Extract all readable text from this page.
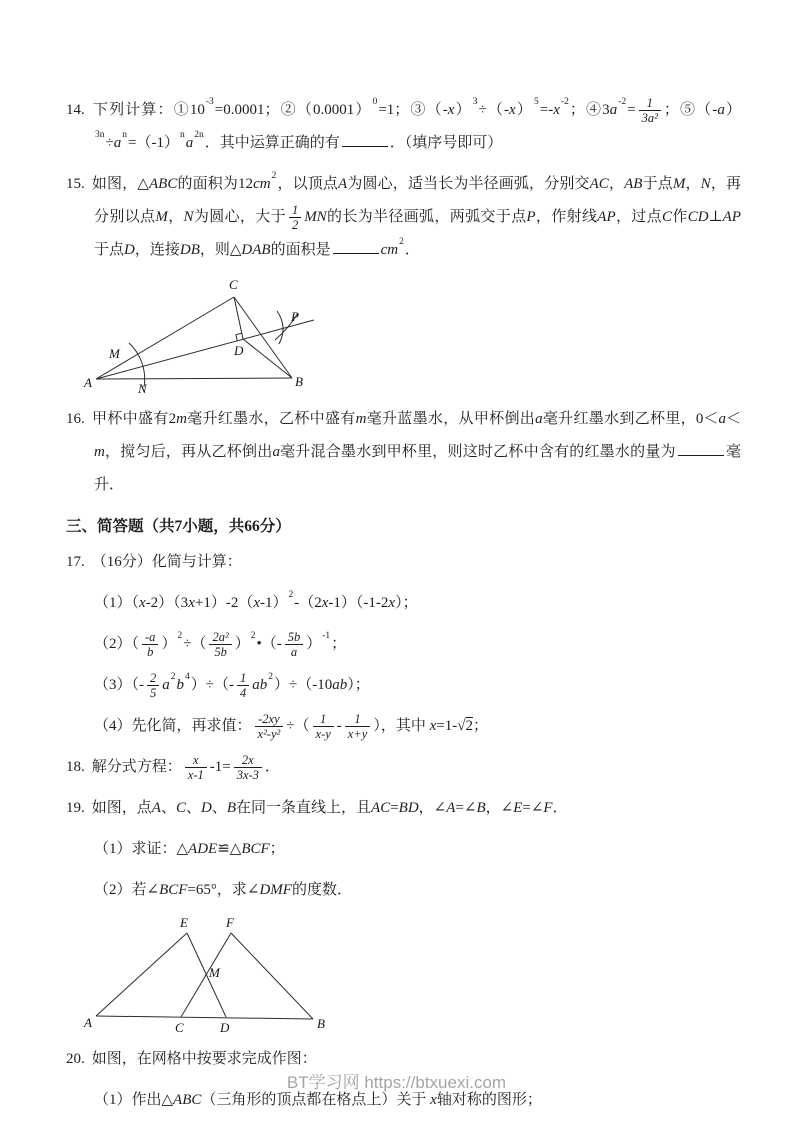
14. 下列计算：$①10^{-3}=0.0001$；$②(0.0001)^0=1$；$③(-x)^3\div(-x)^5=-x^{-2}$；$④3a^{-2}= \frac{1}{\text{3a²}}$ ；$⑤(-a)^{3n}\div a^n=(-1)^na^{2n}$．其中运算正确的有	．（填序号即可）
15. 如图，△ABC的面积为$12cm^2$，以顶点A为圆心，适当长为半径画弧，分别交AC，AB于点M，N，再分别以点M，N为圆心，大于 $\frac{1}{2}$ MN的长为半径画弧，两弧交于点P，作射线AP，过点C作CD⊥AP于点D，连接DB，则△DAB的面积是	$cm^2$．
A	B
C
D
M
N
P
16. 甲杯中盛有2m毫升红墨水，乙杯中盛有m毫升蓝墨水，从甲杯倒出a毫升红墨水到乙杯里，0＜a＜m，搅匀后，再从乙杯倒出a毫升混合墨水到甲杯里，则这时乙杯中含有的红墨水的量为	毫升．
三、简答题（共7小题，共66分）
17. （16分）化简与计算：
$(1)(x-2)(3x+1)-2(x-1)^2-(2x-1)(-1-2x)$；
$(2)( \frac{-a}{b} )^2\div( \frac{\text{2a²}}{5b}$ ）$^2•(- \frac{5b}{a} )^{-1}$；
$(3)(- \frac{2}{5} a^2b^4)\div(- \frac{1}{4} ab^2)\div(-10ab)$；
（4）先化简，再求值： $\frac{-2xy}{\text{x²-y²}}$ ÷（ $\frac{1}{x-y} - \frac{1}{x+y}$ ），其中 x=1-√2；
18. 解分式方程： $\frac{x}{x-1} -1= \frac{2x}{3x-3}$ ．
19. 如图，点A、C、D、B在同一条直线上，且AC=BD，∠A=∠B，∠E=∠F．
（1）求证：△ADE≌△BCF；
（2）若∠BCF=65°，求∠DMF的度数．
A	B
C	D
E	F
M
20. 如图，在网格中按要求完成作图：
（1）作出△ABC（三角形的顶点都在格点上）关于 x轴对称的图形；
BT学习网 https://btxuexi.com
